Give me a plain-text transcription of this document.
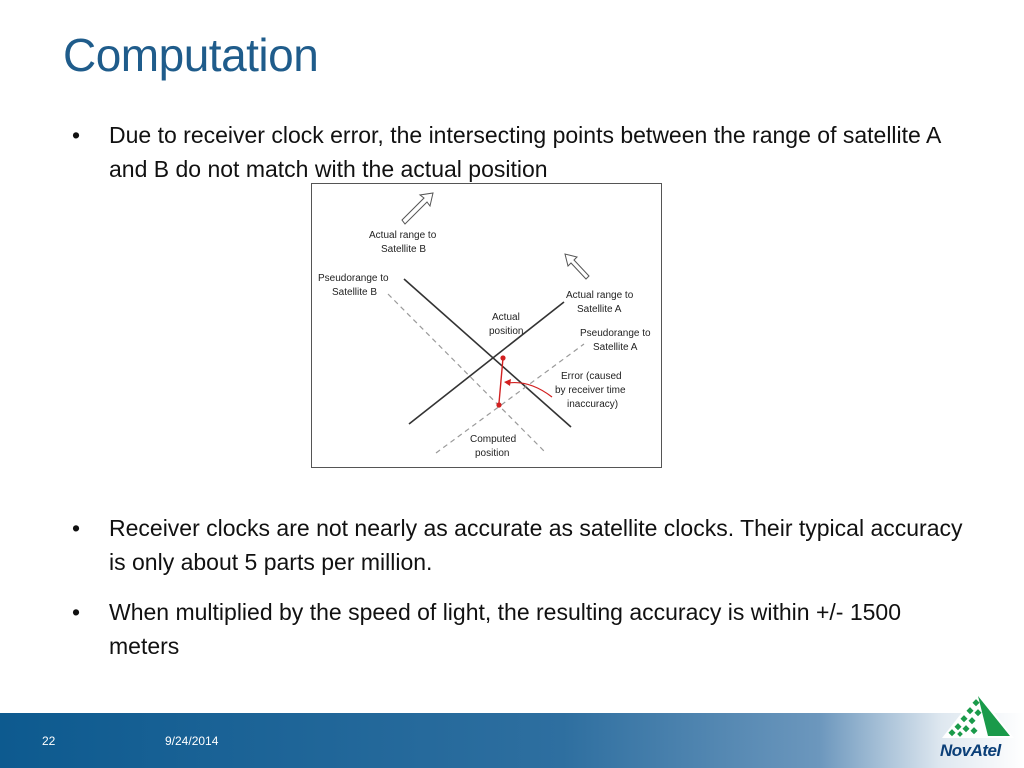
Computation
•	Due to receiver clock error, the intersecting points between the range of satellite A and B do not match with the actual position
•	Receiver clocks are not nearly as accurate as satellite clocks. Their typical accuracy is only about 5 parts per million.
•	When multiplied by the speed of light, the resulting accuracy is within +/- 1500 meters
Actual range to
Satellite B
Pseudorange to
Satellite B	Actual range to
Satellite A
Actual
position	Pseudorange to
Satellite A
Error (caused
by receiver time
inaccuracy)
Computed
position
22	9/24/2014	NovAtel
